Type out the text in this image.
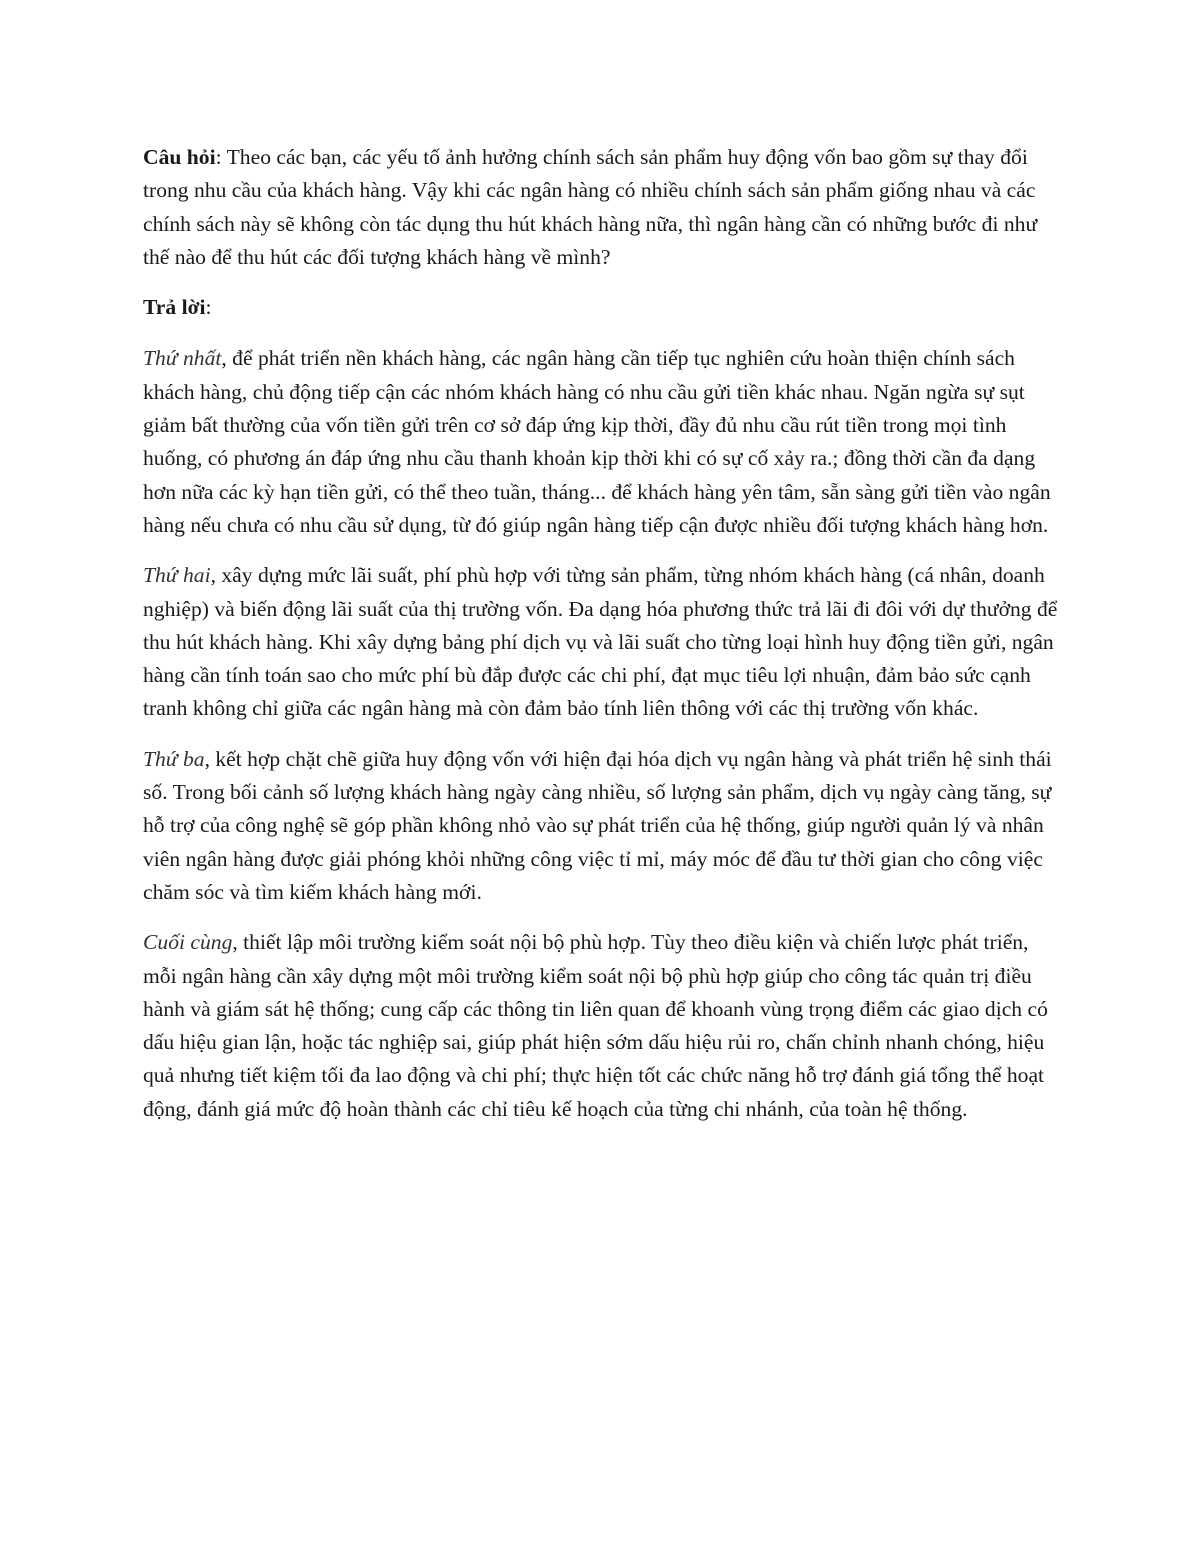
Câu hỏi: Theo các bạn, các yếu tố ảnh hưởng chính sách sản phẩm huy động vốn bao gồm sự thay đổi trong nhu cầu của khách hàng. Vậy khi các ngân hàng có nhiều chính sách sản phẩm giống nhau và các chính sách này sẽ không còn tác dụng thu hút khách hàng nữa, thì ngân hàng cần có những bước đi như thế nào để thu hút các đối tượng khách hàng về mình?

Trả lời:

Thứ nhất, để phát triển nền khách hàng, các ngân hàng cần tiếp tục nghiên cứu hoàn thiện chính sách khách hàng, chủ động tiếp cận các nhóm khách hàng có nhu cầu gửi tiền khác nhau. Ngăn ngừa sự sụt giảm bất thường của vốn tiền gửi trên cơ sở đáp ứng kịp thời, đầy đủ nhu cầu rút tiền trong mọi tình huống, có phương án đáp ứng nhu cầu thanh khoản kịp thời khi có sự cố xảy ra.; đồng thời cần đa dạng hơn nữa các kỳ hạn tiền gửi, có thể theo tuần, tháng... để khách hàng yên tâm, sẵn sàng gửi tiền vào ngân hàng nếu chưa có nhu cầu sử dụng, từ đó giúp ngân hàng tiếp cận được nhiều đối tượng khách hàng hơn.

Thứ hai, xây dựng mức lãi suất, phí phù hợp với từng sản phẩm, từng nhóm khách hàng (cá nhân, doanh nghiệp) và biến động lãi suất của thị trường vốn. Đa dạng hóa phương thức trả lãi đi đôi với dự thưởng để thu hút khách hàng. Khi xây dựng bảng phí dịch vụ và lãi suất cho từng loại hình huy động tiền gửi, ngân hàng cần tính toán sao cho mức phí bù đắp được các chi phí, đạt mục tiêu lợi nhuận, đảm bảo sức cạnh tranh không chỉ giữa các ngân hàng mà còn đảm bảo tính liên thông với các thị trường vốn khác.

Thứ ba, kết hợp chặt chẽ giữa huy động vốn với hiện đại hóa dịch vụ ngân hàng và phát triển hệ sinh thái số. Trong bối cảnh số lượng khách hàng ngày càng nhiều, số lượng sản phẩm, dịch vụ ngày càng tăng, sự hỗ trợ của công nghệ sẽ góp phần không nhỏ vào sự phát triển của hệ thống, giúp người quản lý và nhân viên ngân hàng được giải phóng khỏi những công việc tỉ mỉ, máy móc để đầu tư thời gian cho công việc chăm sóc và tìm kiếm khách hàng mới.

Cuối cùng, thiết lập môi trường kiểm soát nội bộ phù hợp. Tùy theo điều kiện và chiến lược phát triển, mỗi ngân hàng cần xây dựng một môi trường kiểm soát nội bộ phù hợp giúp cho công tác quản trị điều hành và giám sát hệ thống; cung cấp các thông tin liên quan để khoanh vùng trọng điểm các giao dịch có dấu hiệu gian lận, hoặc tác nghiệp sai, giúp phát hiện sớm dấu hiệu rủi ro, chấn chỉnh nhanh chóng, hiệu quả nhưng tiết kiệm tối đa lao động và chi phí; thực hiện tốt các chức năng hỗ trợ đánh giá tổng thể hoạt động, đánh giá mức độ hoàn thành các chỉ tiêu kế hoạch của từng chi nhánh, của toàn hệ thống.
